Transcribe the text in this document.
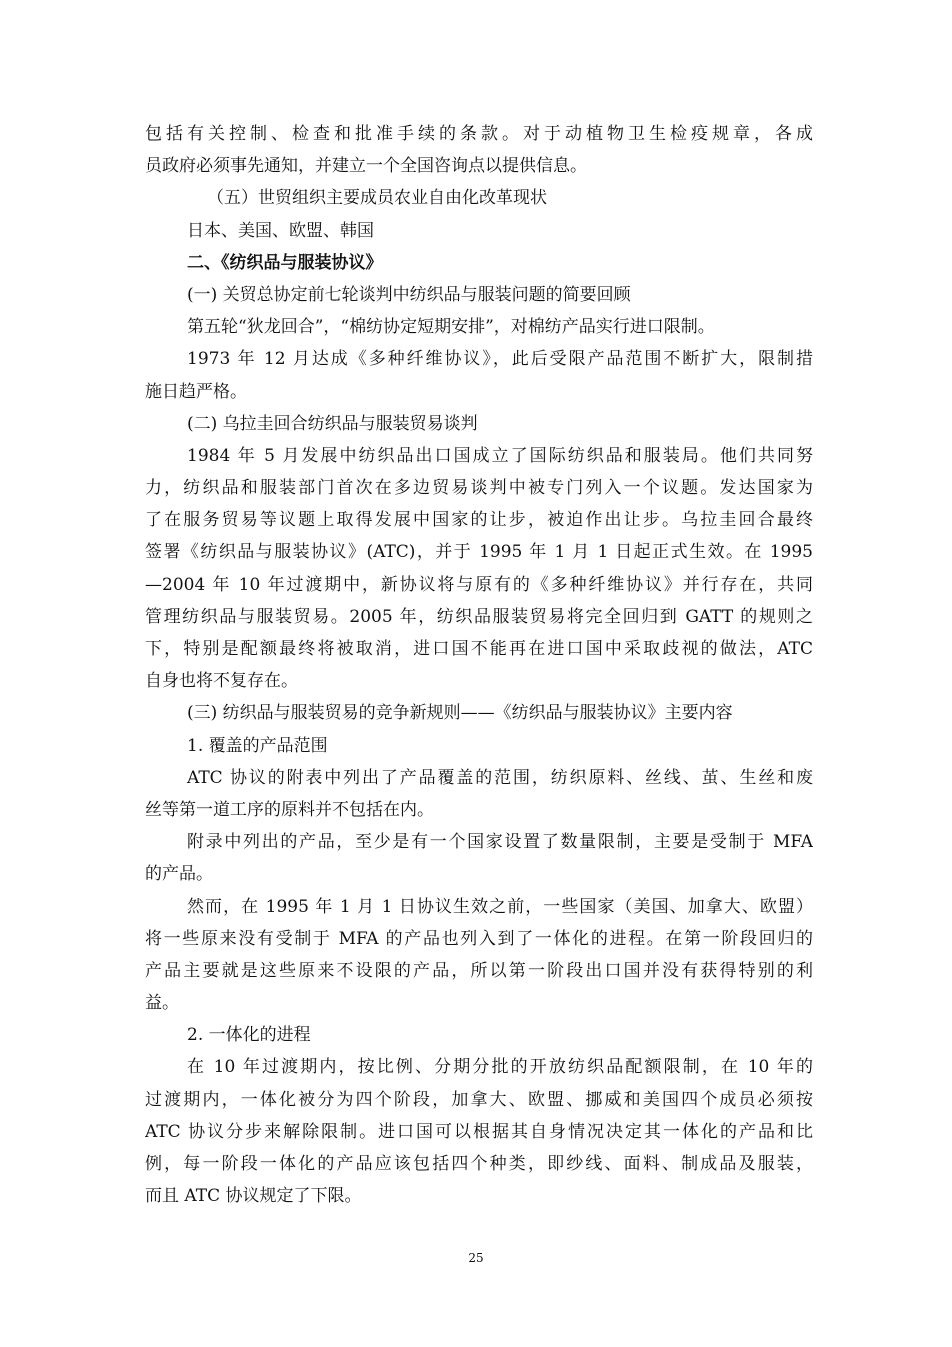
包括有关控制、检查和批准手续的条款。对于动植物卫生检疫规章，各成
员政府必须事先通知，并建立一个全国咨询点以提供信息。
（五）世贸组织主要成员农业自由化改革现状
日本、美国、欧盟、韩国
二、《纺织品与服装协议》
(一) 关贸总协定前七轮谈判中纺织品与服装问题的简要回顾
第五轮“狄龙回合”，“棉纺协定短期安排”，对棉纺产品实行进口限制。
1973 年 12 月达成《多种纤维协议》，此后受限产品范围不断扩大，限制措
施日趋严格。
(二) 乌拉圭回合纺织品与服装贸易谈判
1984 年 5 月发展中纺织品出口国成立了国际纺织品和服装局。他们共同努
力，纺织品和服装部门首次在多边贸易谈判中被专门列入一个议题。发达国家为
了在服务贸易等议题上取得发展中国家的让步，被迫作出让步。乌拉圭回合最终
签署《纺织品与服装协议》(ATC)，并于 1995 年 1 月 1 日起正式生效。在 1995
—2004 年 10 年过渡期中，新协议将与原有的《多种纤维协议》并行存在，共同
管理纺织品与服装贸易。2005 年，纺织品服装贸易将完全回归到 GATT 的规则之
下，特别是配额最终将被取消，进口国不能再在进口国中采取歧视的做法，ATC
自身也将不复存在。
(三) 纺织品与服装贸易的竞争新规则——《纺织品与服装协议》主要内容
1. 覆盖的产品范围
ATC 协议的附表中列出了产品覆盖的范围，纺织原料、丝线、茧、生丝和废
丝等第一道工序的原料并不包括在内。
附录中列出的产品，至少是有一个国家设置了数量限制，主要是受制于 MFA
的产品。
然而，在 1995 年 1 月 1 日协议生效之前，一些国家（美国、加拿大、欧盟）
将一些原来没有受制于 MFA 的产品也列入到了一体化的进程。在第一阶段回归的
产品主要就是这些原来不设限的产品，所以第一阶段出口国并没有获得特别的利
益。
2. 一体化的进程
在 10 年过渡期内，按比例、分期分批的开放纺织品配额限制，在 10 年的
过渡期内，一体化被分为四个阶段，加拿大、欧盟、挪威和美国四个成员必须按
ATC 协议分步来解除限制。进口国可以根据其自身情况决定其一体化的产品和比
例，每一阶段一体化的产品应该包括四个种类，即纱线、面料、制成品及服装，
而且 ATC 协议规定了下限。
25
